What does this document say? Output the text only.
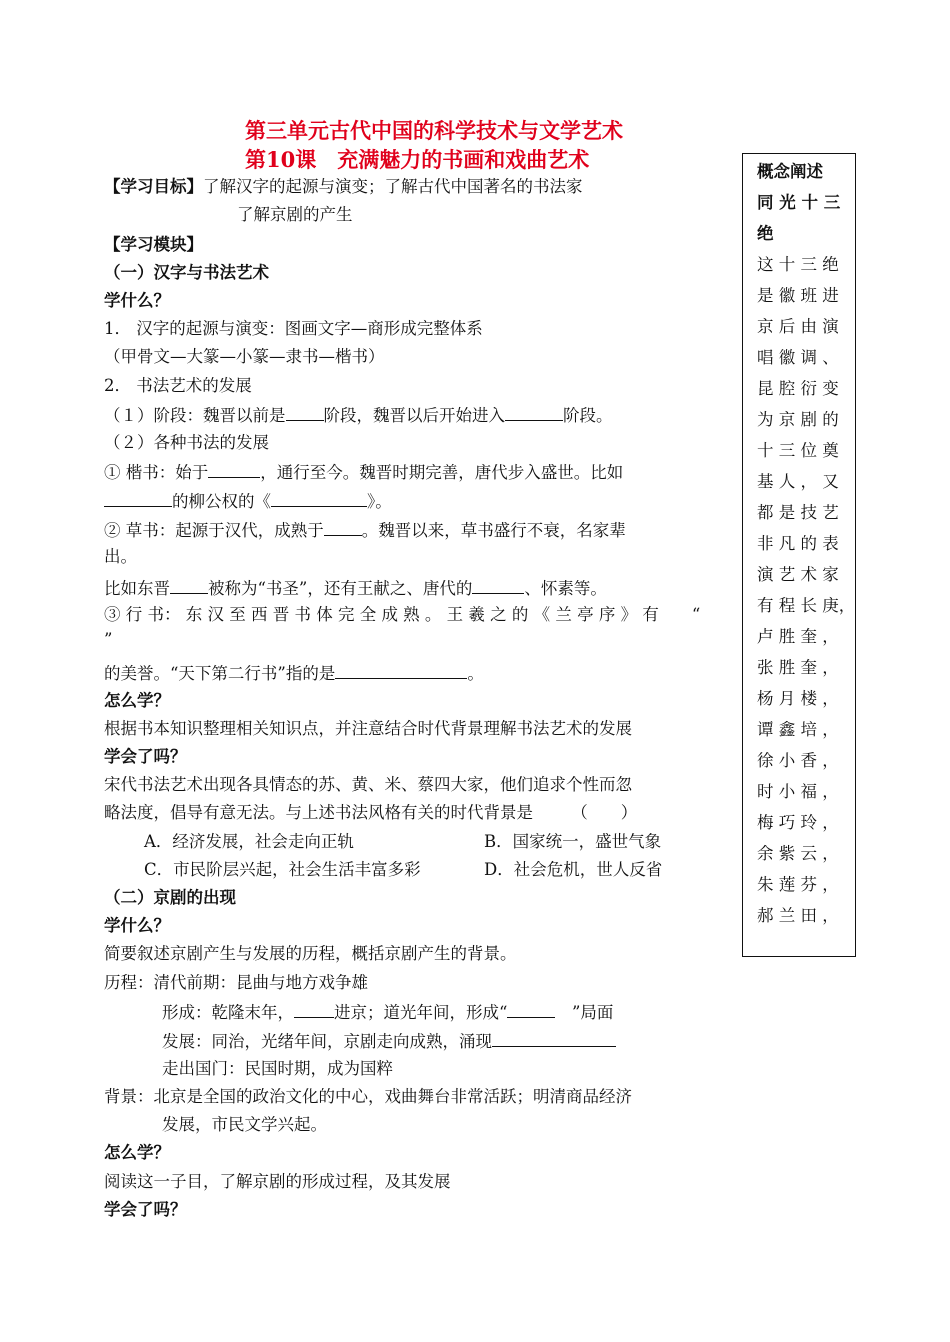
第三单元古代中国的科学技术与文学艺术
第10课　充满魅力的书画和戏曲艺术
【学习目标】了解汉字的起源与演变；了解古代中国著名的书法家
了解京剧的产生
【学习模块】
（一）汉字与书法艺术
学什么？
1． 汉字的起源与演变：图画文字—商形成完整体系
（甲骨文—大篆—小篆—隶书—楷书）
2． 书法艺术的发展
（１）阶段：魏晋以前是 阶段，魏晋以后开始进入	阶段。
（２）各种书法的发展
① 楷书：始于	，通行至今。魏晋时期完善，唐代步入盛世。比如
的柳公权的《	》。
② 草书：起源于汉代，成熟于 。魏晋以来，草书盛行不衰，名家辈
出。
比如东晋 被称为“书圣”，还有王献之、唐代的	、怀素等。
③ 行 书： 东 汉 至 西 晋 书 体 完 全 成 熟 。 王 羲 之 的 《 兰 亭 序 》 有　　“
”
的美誉。“天下第二行书”指的是	。
怎么学？
根据书本知识整理相关知识点，并注意结合时代背景理解书法艺术的发展
学会了吗？
宋代书法艺术出现各具情态的苏、黄、米、蔡四大家，他们追求个性而忽
略法度，倡导有意无法。与上述书法风格有关的时代背景是　　 （　　）
A．经济发展，社会走向正轨	B．国家统一，盛世气象
C．市民阶层兴起，社会生活丰富多彩	D．社会危机，世人反省
（二）京剧的出现
学什么？
简要叙述京剧产生与发展的历程，概括京剧产生的背景。
历程：清代前期：昆曲与地方戏争雄
形成：乾隆末年， 进京；道光年间，形成“	　”局面
发展：同治，光绪年间，京剧走向成熟，涌现
走出国门：民国时期，成为国粹
背景：北京是全国的政治文化的中心，戏曲舞台非常活跃；明清商品经济
发展，市民文学兴起。
怎么学？
阅读这一子目，了解京剧的形成过程，及其发展
学会了吗？
概念阐述
同 光 十 三
绝
这 十 三 绝
是 徽 班 进
京 后 由 演
唱 徽 调 、
昆 腔 衍 变
为 京 剧 的
十 三 位 奠
基 人 ， 又
都 是 技 艺
非 凡 的 表
演 艺 术 家
有 程 长 庚，
卢 胜 奎 ，
张 胜 奎 ，
杨 月 楼 ，
谭 鑫 培 ，
徐 小 香 ，
时 小 福 ，
梅 巧 玲 ，
余 紫 云 ，
朱 莲 芬 ，
郝 兰 田 ，
